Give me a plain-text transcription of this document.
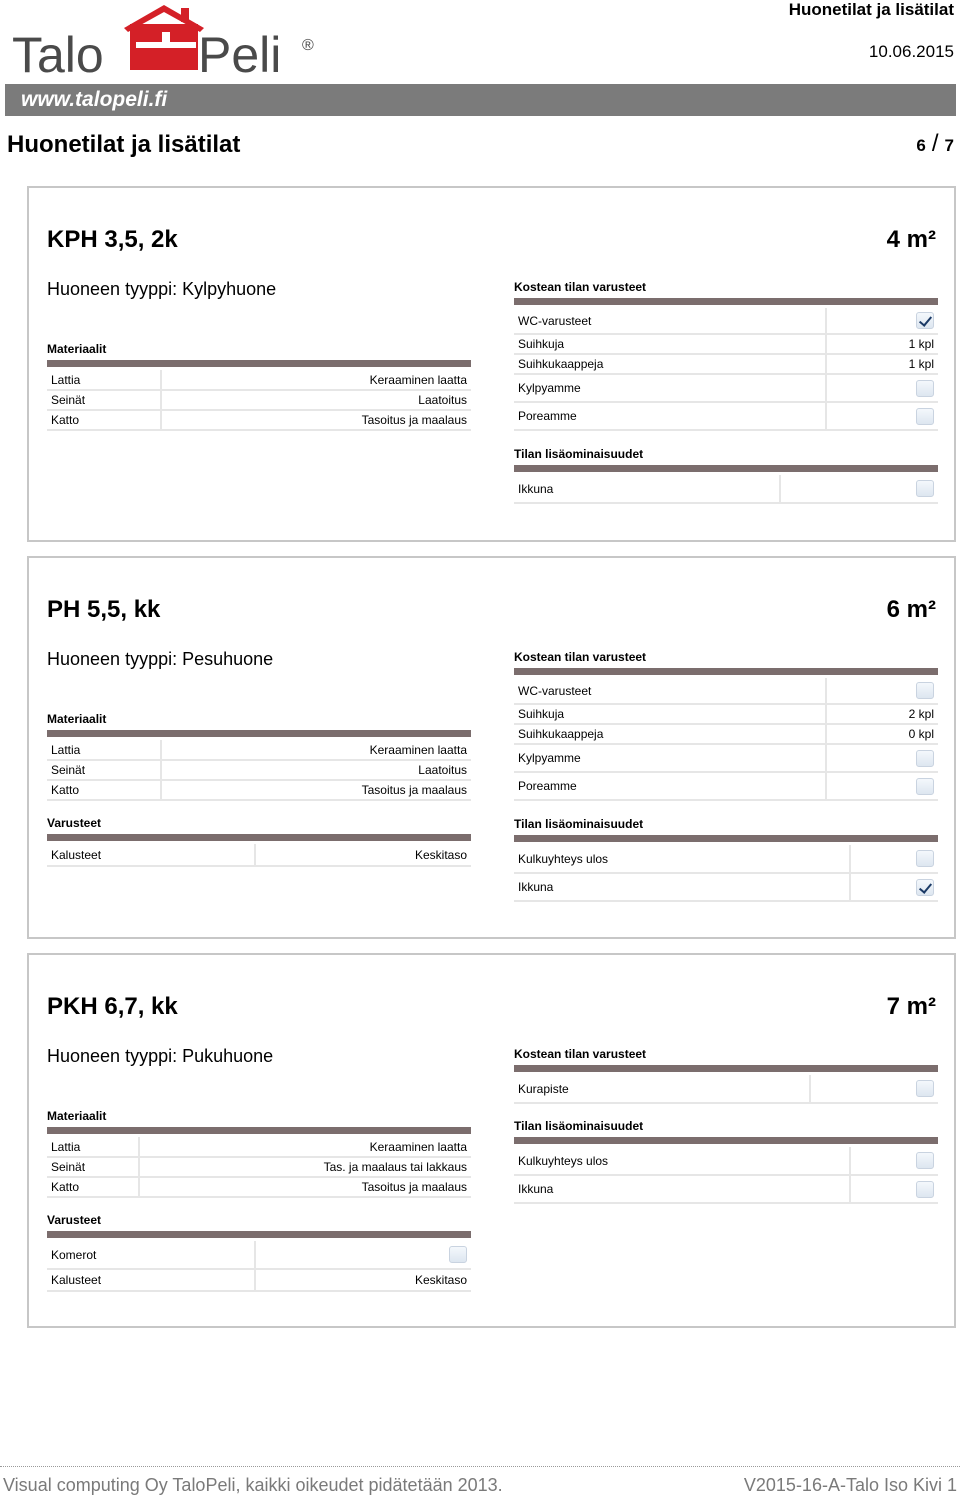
Talo Peli ®
Huonetilat ja lisätilat
10.06.2015
www.talopeli.fi
Huonetilat ja lisätilat	6 / 7
KPH 3,5, 2k	4 m²
Huoneen tyyppi: Kylpyhuone
Materiaalit
Lattia	Keraaminen laatta
Seinät	Laatoitus
Katto	Tasoitus ja maalaus
Kostean tilan varusteet
WC-varusteet	
Suihkuja	1 kpl
Suihkukaappeja	1 kpl
Kylpyamme	
Poreamme	
Tilan lisäominaisuudet
Ikkuna	
PH 5,5, kk	6 m²
Huoneen tyyppi: Pesuhuone
Materiaalit
Lattia	Keraaminen laatta
Seinät	Laatoitus
Katto	Tasoitus ja maalaus
Varusteet
Kalusteet	Keskitaso
Kostean tilan varusteet
WC-varusteet	
Suihkuja	2 kpl
Suihkukaappeja	0 kpl
Kylpyamme	
Poreamme	
Tilan lisäominaisuudet
Kulkuyhteys ulos	
Ikkuna	
PKH 6,7, kk	7 m²
Huoneen tyyppi: Pukuhuone
Materiaalit
Lattia	Keraaminen laatta
Seinät	Tas. ja maalaus tai lakkaus
Katto	Tasoitus ja maalaus
Varusteet
Komerot	
Kalusteet	Keskitaso
Kostean tilan varusteet
Kurapiste	
Tilan lisäominaisuudet
Kulkuyhteys ulos	
Ikkuna	
Visual computing Oy TaloPeli, kaikki oikeudet pidätetään 2013.	V2015-16-A-Talo Iso Kivi 1
